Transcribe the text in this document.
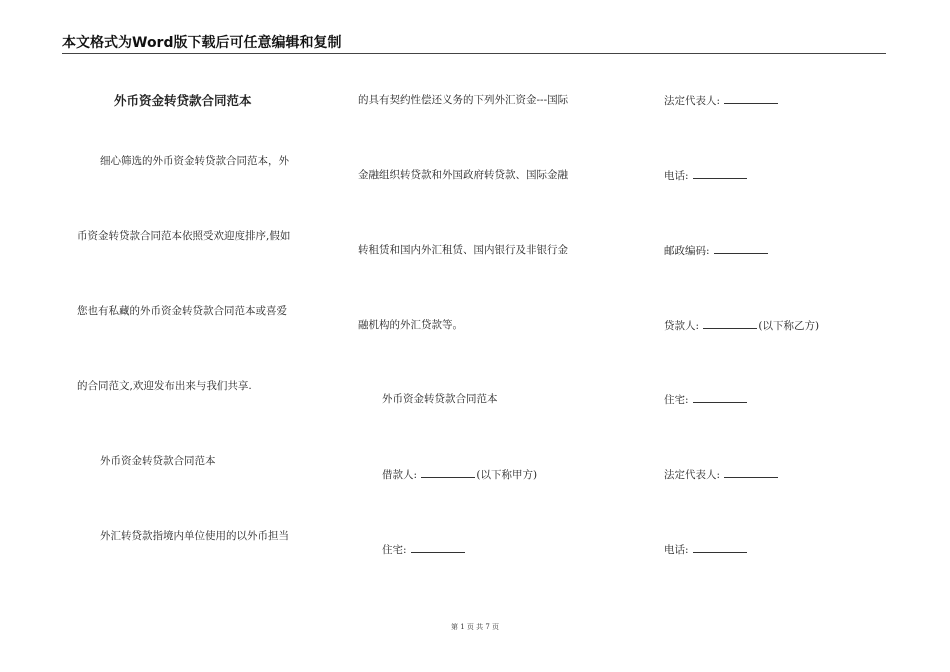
本文格式为Word版下载后可任意编辑和复制
外币资金转贷款合同范本
细心筛选的外币资金转贷款合同范本，外
币资金转贷款合同范本依照受欢迎度排序,假如
您也有私藏的外币资金转贷款合同范本或喜爱
的合同范文,欢迎发布出来与我们共享.
外币资金转贷款合同范本
外汇转贷款指境内单位使用的以外币担当
的具有契约性偿还义务的下列外汇资金---国际
金融组织转贷款和外国政府转贷款、国际金融
转租赁和国内外汇租赁、国内银行及非银行金
融机构的外汇贷款等。
外币资金转贷款合同范本
借款人:	(以下称甲方)
住宅:
法定代表人:
电话:
邮政编码:
贷款人:	(以下称乙方)
住宅:
法定代表人:
电话:
第 1 页 共 7 页
